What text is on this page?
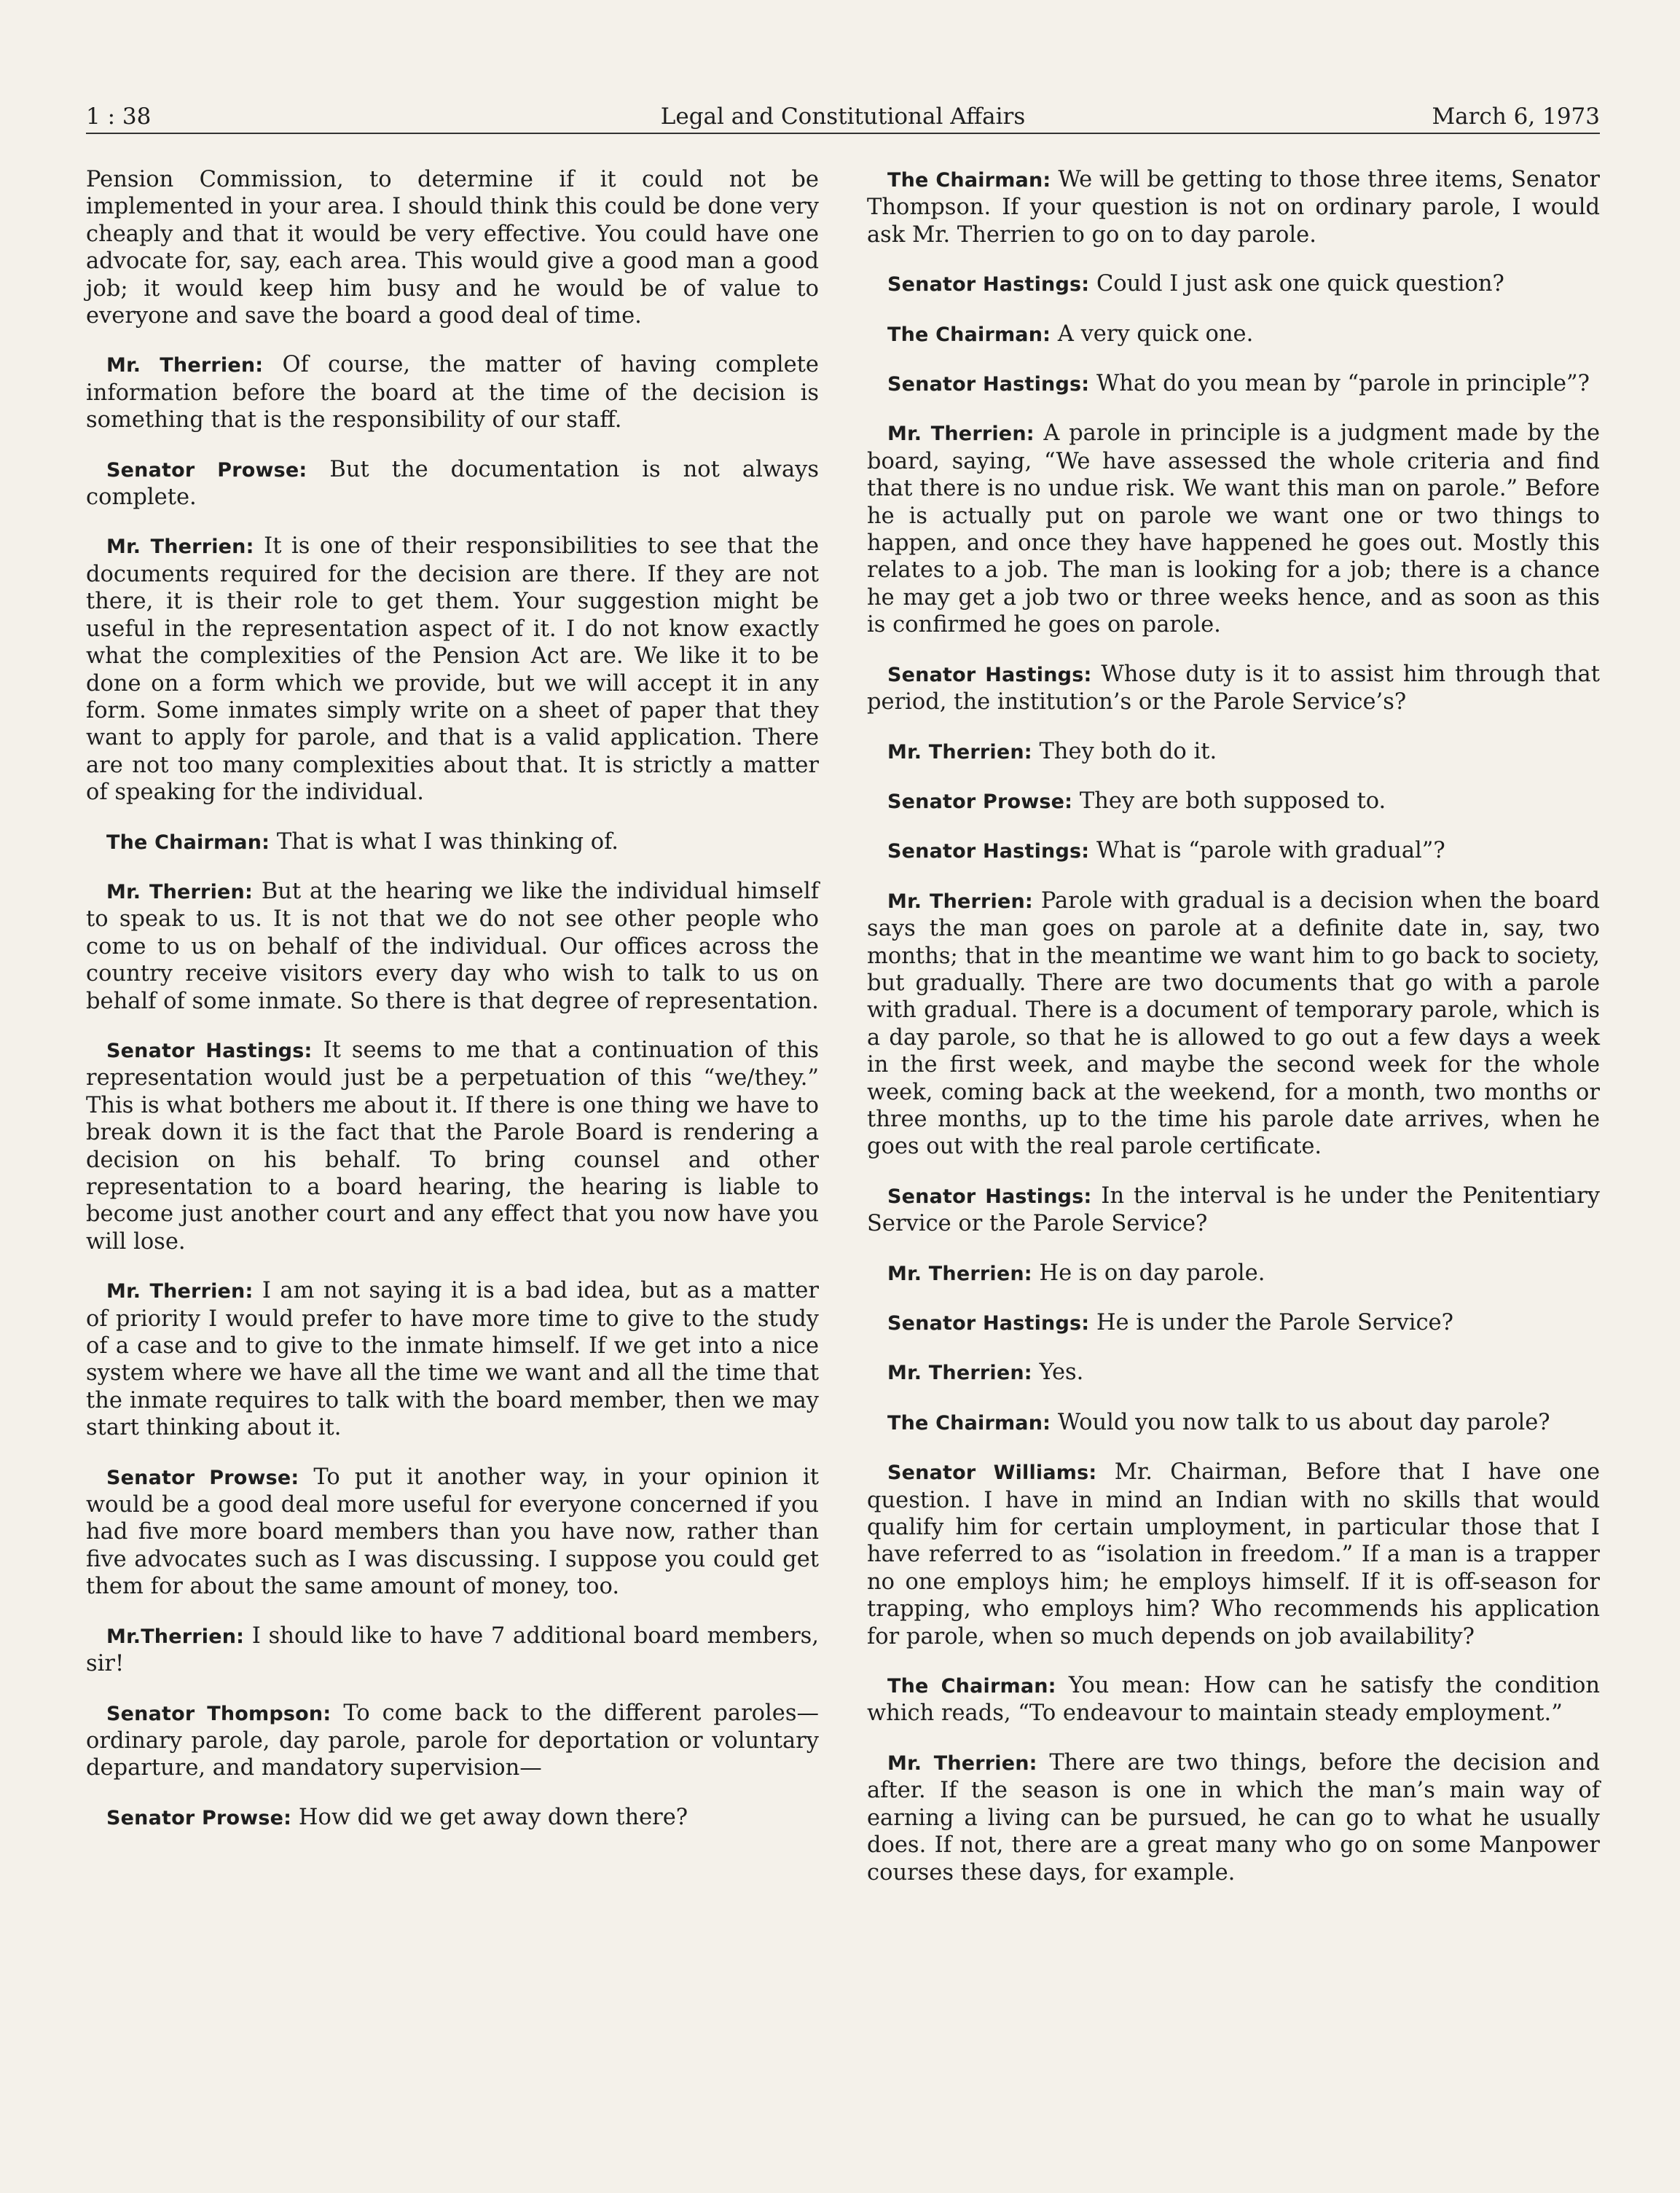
1 : 38	Legal and Constitutional Affairs	March 6, 1973

Pension Commission, to determine if it could not be implemented in your area. I should think this could be done very cheaply and that it would be very effective. You could have one advocate for, say, each area. This would give a good man a good job; it would keep him busy and he would be of value to everyone and save the board a good deal of time.

Mr. Therrien: Of course, the matter of having complete information before the board at the time of the decision is something that is the responsibility of our staff.

Senator Prowse: But the documentation is not always complete.

Mr. Therrien: It is one of their responsibilities to see that the documents required for the decision are there. If they are not there, it is their role to get them. Your suggestion might be useful in the representation aspect of it. I do not know exactly what the complexities of the Pension Act are. We like it to be done on a form which we provide, but we will accept it in any form. Some inmates simply write on a sheet of paper that they want to apply for parole, and that is a valid application. There are not too many complexities about that. It is strictly a matter of speaking for the individual.

The Chairman: That is what I was thinking of.

Mr. Therrien: But at the hearing we like the individual himself to speak to us. It is not that we do not see other people who come to us on behalf of the individual. Our offices across the country receive visitors every day who wish to talk to us on behalf of some inmate. So there is that degree of representation.

Senator Hastings: It seems to me that a continuation of this representation would just be a perpetuation of this “we/they.” This is what bothers me about it. If there is one thing we have to break down it is the fact that the Parole Board is rendering a decision on his behalf. To bring counsel and other representation to a board hearing, the hearing is liable to become just another court and any effect that you now have you will lose.

Mr. Therrien: I am not saying it is a bad idea, but as a matter of priority I would prefer to have more time to give to the study of a case and to give to the inmate himself. If we get into a nice system where we have all the time we want and all the time that the inmate requires to talk with the board member, then we may start thinking about it.

Senator Prowse: To put it another way, in your opinion it would be a good deal more useful for everyone concerned if you had five more board members than you have now, rather than five advocates such as I was discussing. I suppose you could get them for about the same amount of money, too.

Mr.Therrien: I should like to have 7 additional board members, sir!

Senator Thompson: To come back to the different paroles—ordinary parole, day parole, parole for deportation or voluntary departure, and mandatory supervision—

Senator Prowse: How did we get away down there?

The Chairman: We will be getting to those three items, Senator Thompson. If your question is not on ordinary parole, I would ask Mr. Therrien to go on to day parole.

Senator Hastings: Could I just ask one quick question?

The Chairman: A very quick one.

Senator Hastings: What do you mean by “parole in principle”?

Mr. Therrien: A parole in principle is a judgment made by the board, saying, “We have assessed the whole criteria and find that there is no undue risk. We want this man on parole.” Before he is actually put on parole we want one or two things to happen, and once they have happened he goes out. Mostly this relates to a job. The man is looking for a job; there is a chance he may get a job two or three weeks hence, and as soon as this is confirmed he goes on parole.

Senator Hastings: Whose duty is it to assist him through that period, the institution’s or the Parole Service’s?

Mr. Therrien: They both do it.

Senator Prowse: They are both supposed to.

Senator Hastings: What is “parole with gradual”?

Mr. Therrien: Parole with gradual is a decision when the board says the man goes on parole at a definite date in, say, two months; that in the meantime we want him to go back to society, but gradually. There are two documents that go with a parole with gradual. There is a document of temporary parole, which is a day parole, so that he is allowed to go out a few days a week in the first week, and maybe the second week for the whole week, coming back at the weekend, for a month, two months or three months, up to the time his parole date arrives, when he goes out with the real parole certificate.

Senator Hastings: In the interval is he under the Penitentiary Service or the Parole Service?

Mr. Therrien: He is on day parole.

Senator Hastings: He is under the Parole Service?

Mr. Therrien: Yes.

The Chairman: Would you now talk to us about day parole?

Senator Williams: Mr. Chairman, Before that I have one question. I have in mind an Indian with no skills that would qualify him for certain umployment, in particular those that I have referred to as “isolation in freedom.” If a man is a trapper no one employs him; he employs himself. If it is off-season for trapping, who employs him? Who recommends his application for parole, when so much depends on job availability?

The Chairman: You mean: How can he satisfy the condition which reads, “To endeavour to maintain steady employment.”

Mr. Therrien: There are two things, before the decision and after. If the season is one in which the man’s main way of earning a living can be pursued, he can go to what he usually does. If not, there are a great many who go on some Manpower courses these days, for example.
